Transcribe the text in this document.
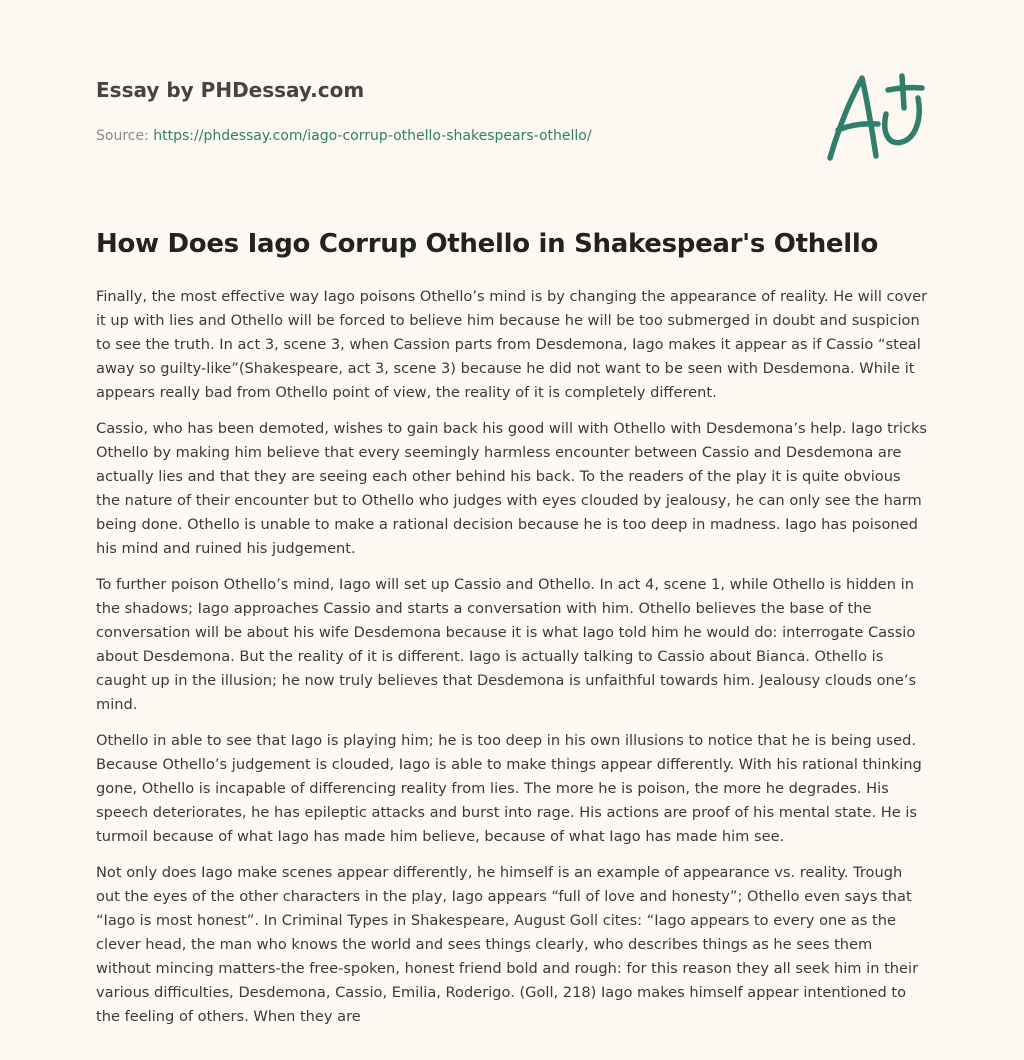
Essay by PHDessay.com
Source: https://phdessay.com/iago-corrup-othello-shakespears-othello/
How Does Iago Corrup Othello in Shakespear's Othello

Finally, the most effective way Iago poisons Othello’s mind is by changing the appearance of reality. He will cover it up with lies and Othello will be forced to believe him because he will be too submerged in doubt and suspicion to see the truth. In act 3, scene 3, when Cassion parts from Desdemona, Iago makes it appear as if Cassio “steal away so guilty-like”(Shakespeare, act 3, scene 3) because he did not want to be seen with Desdemona. While it appears really bad from Othello point of view, the reality of it is completely different.

Cassio, who has been demoted, wishes to gain back his good will with Othello with Desdemona’s help. Iago tricks Othello by making him believe that every seemingly harmless encounter between Cassio and Desdemona are actually lies and that they are seeing each other behind his back. To the readers of the play it is quite obvious the nature of their encounter but to Othello who judges with eyes clouded by jealousy, he can only see the harm being done. Othello is unable to make a rational decision because he is too deep in madness. Iago has poisoned his mind and ruined his judgement.

To further poison Othello’s mind, Iago will set up Cassio and Othello. In act 4, scene 1, while Othello is hidden in the shadows; Iago approaches Cassio and starts a conversation with him. Othello believes the base of the conversation will be about his wife Desdemona because it is what Iago told him he would do: interrogate Cassio about Desdemona. But the reality of it is different. Iago is actually talking to Cassio about Bianca. Othello is caught up in the illusion; he now truly believes that Desdemona is unfaithful towards him. Jealousy clouds one’s mind.

Othello in able to see that Iago is playing him; he is too deep in his own illusions to notice that he is being used. Because Othello’s judgement is clouded, Iago is able to make things appear differently. With his rational thinking gone, Othello is incapable of differencing reality from lies. The more he is poison, the more he degrades. His speech deteriorates, he has epileptic attacks and burst into rage. His actions are proof of his mental state. He is turmoil because of what Iago has made him believe, because of what Iago has made him see.

Not only does Iago make scenes appear differently, he himself is an example of appearance vs. reality. Trough out the eyes of the other characters in the play, Iago appears “full of love and honesty”; Othello even says that “Iago is most honest”. In Criminal Types in Shakespeare, August Goll cites: “Iago appears to every one as the clever head, the man who knows the world and sees things clearly, who describes things as he sees them without mincing matters-the free-spoken, honest friend bold and rough: for this reason they all seek him in their various difficulties, Desdemona, Cassio, Emilia, Roderigo. (Goll, 218) Iago makes himself appear intentioned to the feeling of others. When they are
